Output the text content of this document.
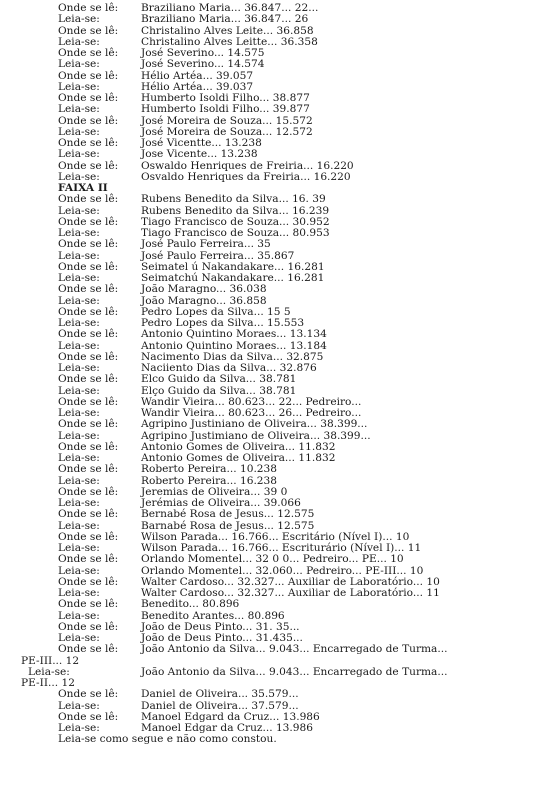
Onde se lê:	Braziliano Maria... 36.847... 22...
Leia-se:	Braziliano Maria... 36.847... 26
Onde se lê:	Christalino Alves Leite... 36.858
Leia-se:	Christalino Alves Leitte... 36.358
Onde se lê:	José Severino... 14.575
Leia-se:	José Severino... 14.574
Onde se lê:	Hélio Artéa... 39.057
Leia-se:	Hélio Artéa... 39.037
Onde se lê:	Humberto Isoldi Filho... 38.877
Leia-se:	Humberto Isoldi Filho... 39.877
Onde se lê:	José Moreira de Souza... 15.572
Leia-se:	José Moreira de Souza... 12.572
Onde se lê:	José Vicentte... 13.238
Leia-se:	Jose Vicente... 13.238
Onde se lê:	Oswaldo Henriques de Freiria... 16.220
Leia-se:	Osvaldo Henriques da Freiria... 16.220
FAIXA II
Onde se lê:	Rubens Benedito da Silva... 16. 39
Leia-se:	Rubens Benedito da Silva... 16.239
Onde se lê:	Tiago Francisco de Souza... 30.952
Leia-se:	Tiago Francisco de Souza... 80.953
Onde se lê:	José Paulo Ferreira... 35
Leia-se:	José Paulo Ferreira... 35.867
Onde se lê:	Seimatel ú Nakandakare... 16.281
Leia-se:	Seimatchú Nakandakare... 16.281
Onde se lê:	João Maragno... 36.038
Leia-se:	João Maragno... 36.858
Onde se lê:	Pedro Lopes da Silva... 15 5
Leia-se:	Pedro Lopes da Silva... 15.553
Onde se lê:	Antonio Quintino Moraes... 13.134
Leia-se:	Antonio Quintino Moraes... 13.184
Onde se lê:	Nacimento Dias da Silva... 32.875
Leia-se:	Naciiento Dias da Silva... 32.876
Onde se lê:	Elco Guido da Silva... 38.781
Leia-se:	Elço Guido da Silva... 38.781
Onde se lê:	Wandir Vieira... 80.623... 22... Pedreiro...
Leia-se:	Wandir Vieira... 80.623... 26... Pedreiro...
Onde se lê:	Agripino Justiniano de Oliveira... 38.399...
Leia-se:	Agripino Justimiano de Oliveira... 38.399...
Onde se lê:	Antonio Gomes de Oliveira... 11.832
Leia-se:	Antonio Gomes de Oliveira... 11.832
Onde se lê:	Roberto Pereira... 10.238
Leia-se:	Roberto Pereira... 16.238
Onde se lê:	Jeremias de Oliveira... 39 0
Leia-se:	Jerémias de Oliveira... 39.066
Onde se lê:	Bernabé Rosa de Jesus... 12.575
Leia-se:	Barnabé Rosa de Jesus... 12.575
Onde se lê:	Wilson Parada... 16.766... Escritário (Nível I)... 10
Leia-se:	Wilson Parada... 16.766... Escriturário (Nível I)... 11
Onde se lê:	Orlando Momentel... 32 0 0... Pedreiro... PE... 10
Leia-se:	Orlando Momentel... 32.060... Pedreiro... PE-III... 10
Onde se lê:	Walter Cardoso... 32.327... Auxiliar de Laboratório... 10
Leia-se:	Walter Cardoso... 32.327... Auxiliar de Laboratório... 11
Onde se lê:	Benedito... 80.896
Leia-se:	Benedito Arantes... 80.896
Onde se lê:	João de Deus Pinto... 31. 35...
Leia-se:	João de Deus Pinto... 31.435...
Onde se lê:	João Antonio da Silva... 9.043... Encarregado de Turma...
PE-III... 12
Leia-se:	João Antonio da Silva... 9.043... Encarregado de Turma...
PE-II... 12
Onde se lê:	Daniel de Oliveira... 35.579...
Leia-se:	Daniel de Oliveira... 37.579...
Onde se lê:	Manoel Edgard da Cruz... 13.986
Leia-se:	Manoel Edgar da Cruz... 13.986
Leia-se como segue e não como constou.
